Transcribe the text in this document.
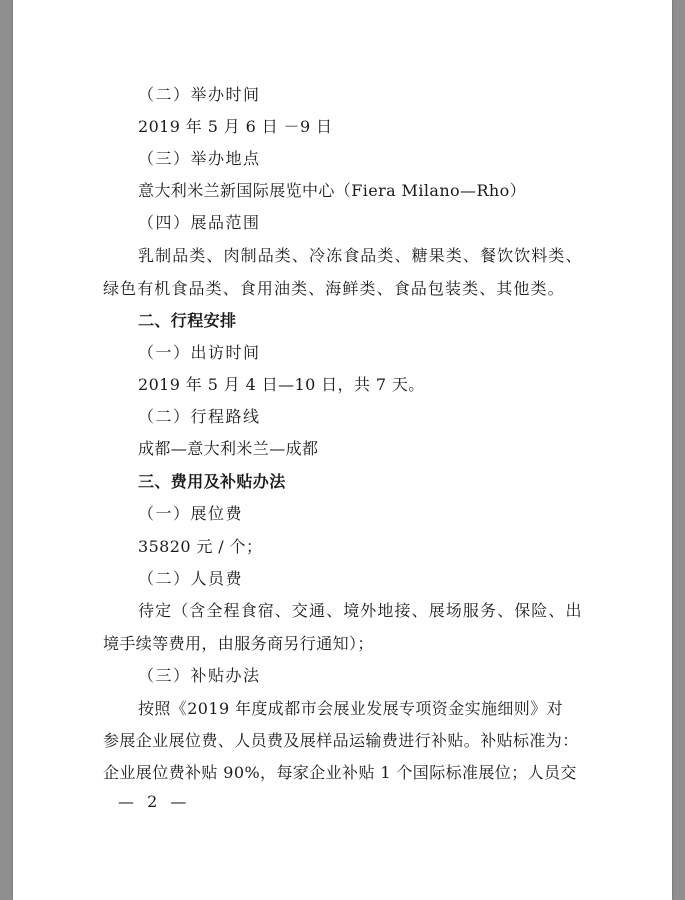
（二）举办时间
2019 年 5 月 6 日 －9 日
（三）举办地点
意大利米兰新国际展览中心（Fiera Milano—Rho）
（四）展品范围
乳制品类、肉制品类、冷冻食品类、糖果类、餐饮饮料类、
绿色有机食品类、食用油类、海鲜类、食品包装类、其他类。
二、行程安排
（一）出访时间
2019 年 5 月 4 日—10 日，共 7 天。
（二）行程路线
成都—意大利米兰—成都
三、费用及补贴办法
（一）展位费
35820 元 / 个；
（二）人员费
待定（含全程食宿、交通、境外地接、展场服务、保险、出
境手续等费用，由服务商另行通知）；
（三）补贴办法
按照《2019 年度成都市会展业发展专项资金实施细则》对
参展企业展位费、人员费及展样品运输费进行补贴。补贴标准为：
企业展位费补贴 90%，每家企业补贴 1 个国际标准展位；人员交
— 2 —
